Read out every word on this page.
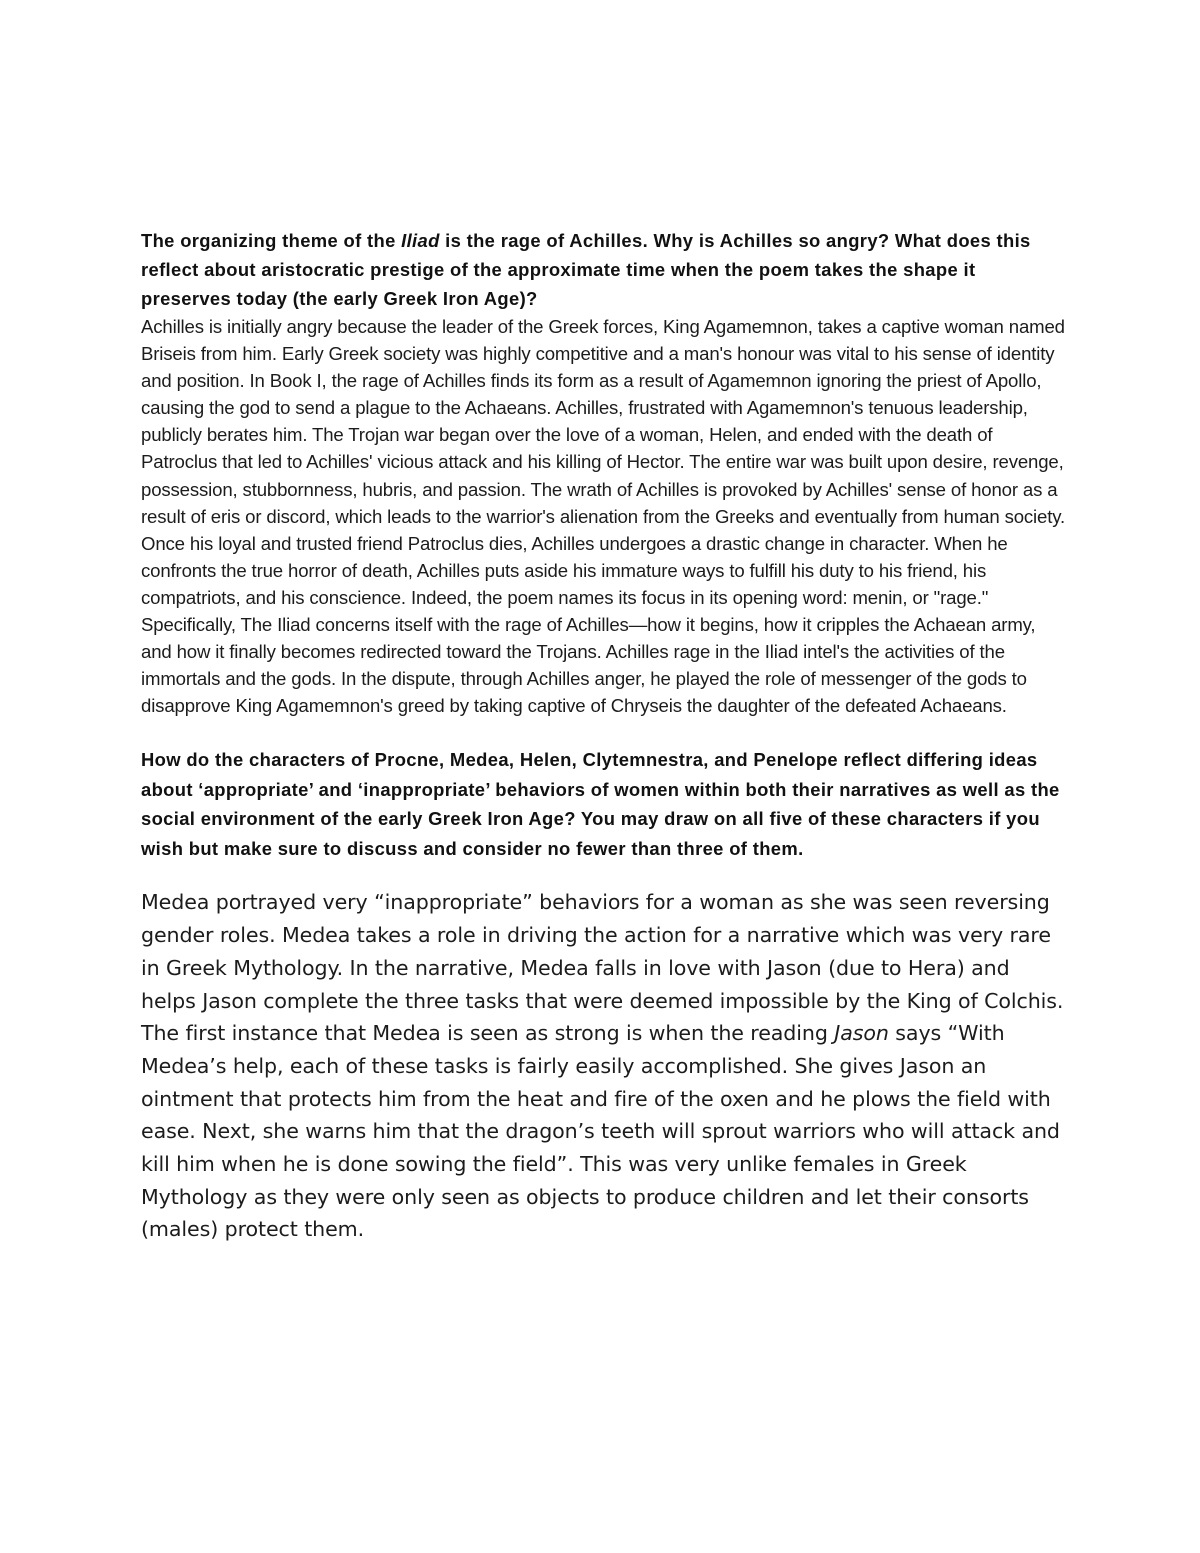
The organizing theme of the Iliad is the rage of Achilles. Why is Achilles so angry? What does this reflect about aristocratic prestige of the approximate time when the poem takes the shape it preserves today (the early Greek Iron Age)?

Achilles is initially angry because the leader of the Greek forces, King Agamemnon, takes a captive woman named Briseis from him. Early Greek society was highly competitive and a man's honour was vital to his sense of identity and position. In Book I, the rage of Achilles finds its form as a result of Agamemnon ignoring the priest of Apollo, causing the god to send a plague to the Achaeans. Achilles, frustrated with Agamemnon's tenuous leadership, publicly berates him. The Trojan war began over the love of a woman, Helen, and ended with the death of Patroclus that led to Achilles' vicious attack and his killing of Hector. The entire war was built upon desire, revenge, possession, stubbornness, hubris, and passion. The wrath of Achilles is provoked by Achilles' sense of honor as a result of eris or discord, which leads to the warrior's alienation from the Greeks and eventually from human society. Once his loyal and trusted friend Patroclus dies, Achilles undergoes a drastic change in character. When he confronts the true horror of death, Achilles puts aside his immature ways to fulfill his duty to his friend, his compatriots, and his conscience. Indeed, the poem names its focus in its opening word: menin, or "rage." Specifically, The Iliad concerns itself with the rage of Achilles—how it begins, how it cripples the Achaean army, and how it finally becomes redirected toward the Trojans. Achilles rage in the Iliad intel's the activities of the immortals and the gods. In the dispute, through Achilles anger, he played the role of messenger of the gods to disapprove King Agamemnon's greed by taking captive of Chryseis the daughter of the defeated Achaeans.

How do the characters of Procne, Medea, Helen, Clytemnestra, and Penelope reflect differing ideas about ‘appropriate’ and ‘inappropriate’ behaviors of women within both their narratives as well as the social environment of the early Greek Iron Age? You may draw on all five of these characters if you wish but make sure to discuss and consider no fewer than three of them.

Medea portrayed very “inappropriate” behaviors for a woman as she was seen reversing gender roles. Medea takes a role in driving the action for a narrative which was very rare in Greek Mythology. In the narrative, Medea falls in love with Jason (due to Hera) and helps Jason complete the three tasks that were deemed impossible by the King of Colchis. The first instance that Medea is seen as strong is when the reading Jason says “With Medea’s help, each of these tasks is fairly easily accomplished. She gives Jason an ointment that protects him from the heat and fire of the oxen and he plows the field with ease. Next, she warns him that the dragon’s teeth will sprout warriors who will attack and kill him when he is done sowing the field”. This was very unlike females in Greek Mythology as they were only seen as objects to produce children and let their consorts (males) protect them.
